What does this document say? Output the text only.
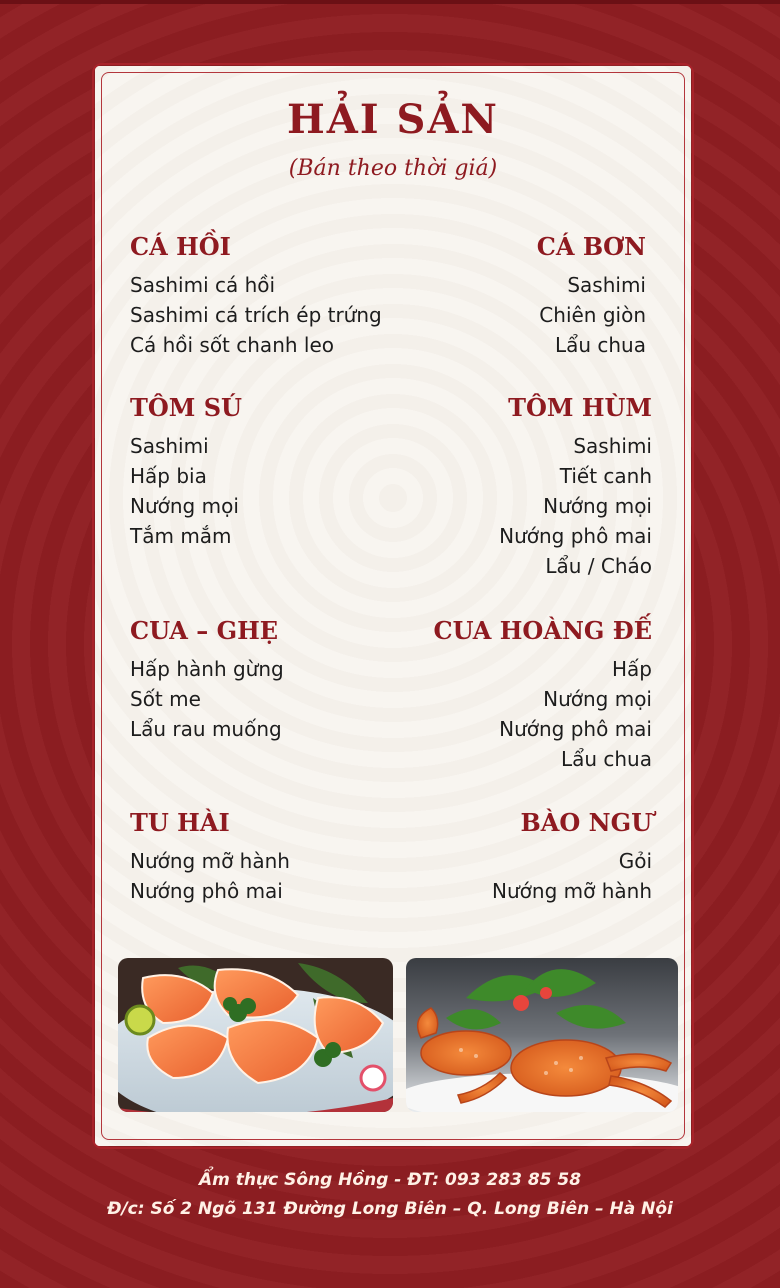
HẢI SẢN
(Bán theo thời giá)
CÁ HỒI
Sashimi cá hồi
Sashimi cá trích ép trứng
Cá hồi sốt chanh leo
CÁ BƠN
Sashimi
Chiên giòn
Lẩu chua
TÔM SÚ
Sashimi
Hấp bia
Nướng mọi
Tắm mắm
TÔM HÙM
Sashimi
Tiết canh
Nướng mọi
Nướng phô mai
Lẩu / Cháo
CUA – GHẸ
Hấp hành gừng
Sốt me
Lẩu rau muống
CUA HOÀNG ĐẾ
Hấp
Nướng mọi
Nướng phô mai
Lẩu chua
TU HÀI
Nướng mỡ hành
Nướng phô mai
BÀO NGƯ
Gỏi
Nướng mỡ hành
Ẩm thực Sông Hồng - ĐT: 093 283 85 58
Đ/c: Số 2 Ngõ 131 Đường Long Biên – Q. Long Biên – Hà Nội
